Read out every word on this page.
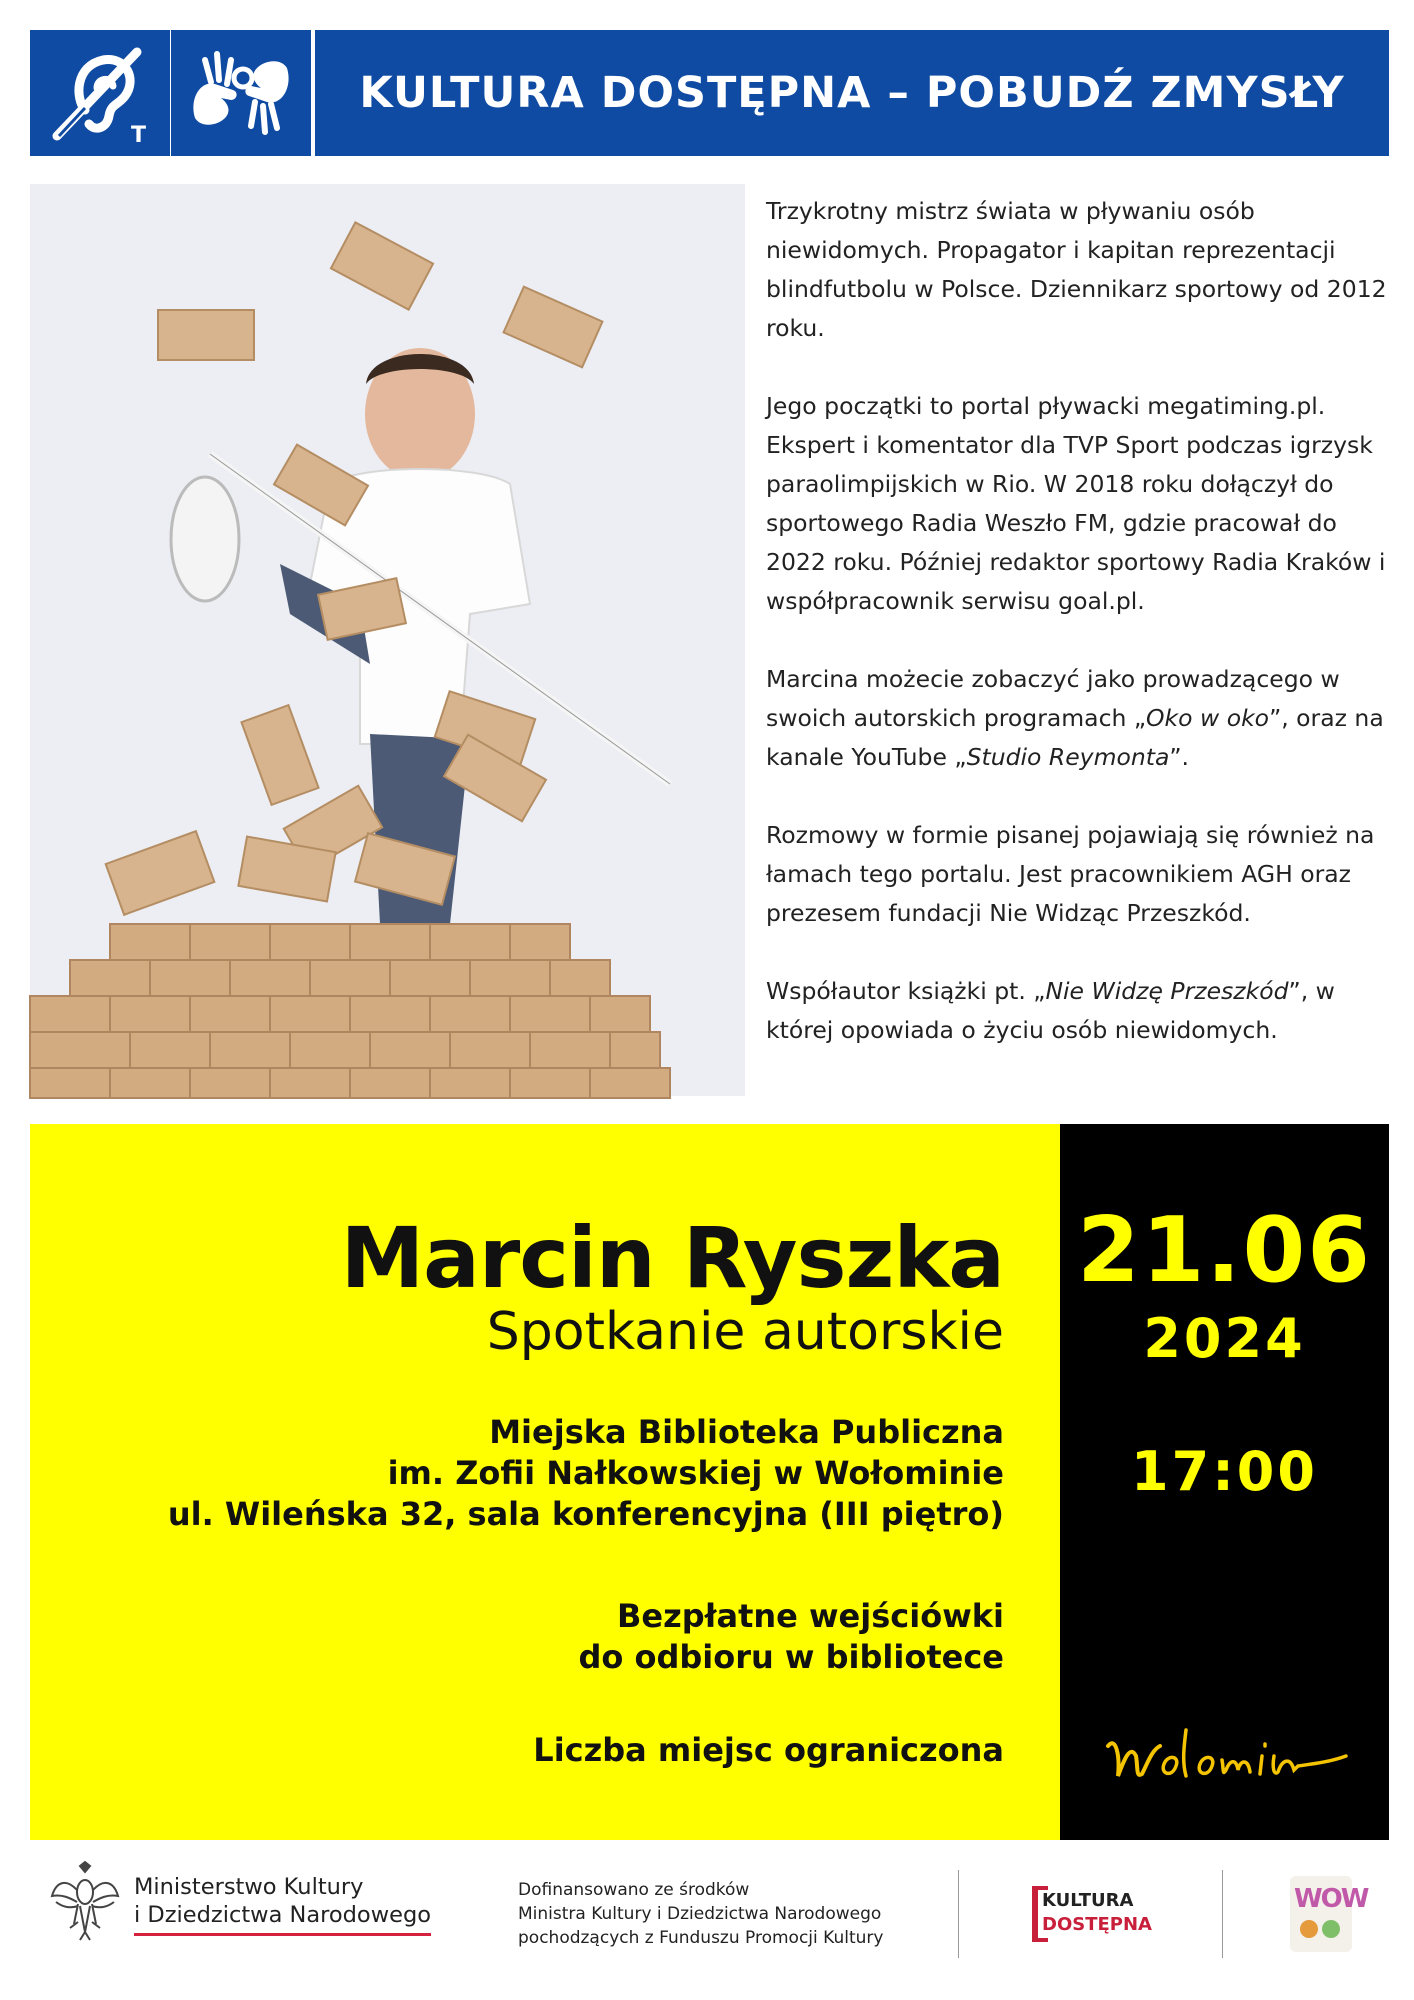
T
KULTURA DOSTĘPNA – POBUDŹ ZMYSŁY

Trzykrotny mistrz świata w pływaniu osób niewidomych. Propagator i kapitan reprezentacji blindfutbolu w Polsce. Dziennikarz sportowy od 2012 roku.

Jego początki to portal pływacki megatiming.pl. Ekspert i komentator dla TVP Sport podczas igrzysk paraolimpijskich w Rio. W 2018 roku dołączył do sportowego Radia Weszło FM, gdzie pracował do 2022 roku. Później redaktor sportowy Radia Kraków i współpracownik serwisu goal.pl.

Marcina możecie zobaczyć jako prowadzącego w swoich autorskich programach „Oko w oko”, oraz na kanale YouTube „Studio Reymonta”.

Rozmowy w formie pisanej pojawiają się również na łamach tego portalu. Jest pracownikiem AGH oraz prezesem fundacji Nie Widząc Przeszkód.

Współautor książki pt. „Nie Widzę Przeszkód”, w której opowiada o życiu osób niewidomych.

Marcin Ryszka
Spotkanie autorskie
Miejska Biblioteka Publiczna
im. Zofii Nałkowskiej w Wołominie
ul. Wileńska 32, sala konferencyjna (III piętro)
Bezpłatne wejściówki
do odbioru w bibliotece
Liczba miejsc ograniczona
21.06
2024
17:00
Ministerstwo Kultury
i Dziedzictwa Narodowego
Dofinansowano ze środków
Ministra Kultury i Dziedzictwa Narodowego
pochodzących z Funduszu Promocji Kultury
KULTURA
DOSTĘPNA
WOW
